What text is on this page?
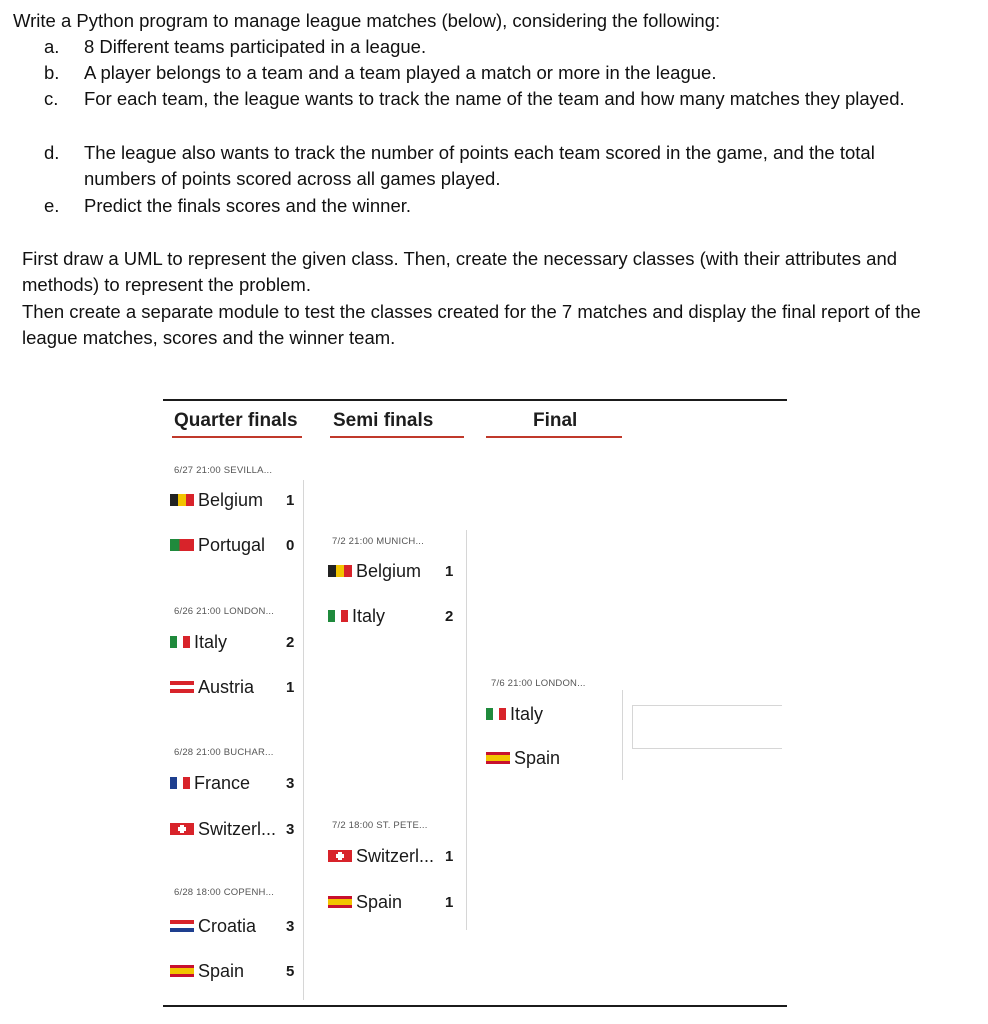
Write a Python program to manage league matches (below), considering the following:
a.	8 Different teams participated in a league.
b.	A player belongs to a team and a team played a match or more in the league.
c.	For each team, the league wants to track the name of the team and how many matches they played.
d.	The league also wants to track the number of points each team scored in the game, and the total numbers of points scored across all games played.
e.	Predict the finals scores and the winner.
First draw a UML to represent the given class. Then, create the necessary classes (with their attributes and methods) to represent the problem.
Then create a separate module to test the classes created for the 7 matches and display the final report of the league matches, scores and the winner team.
Quarter finals Semi finals	Final
6/27 21:00 SEVILLA...
Belgium 1
Portugal 0
6/26 21:00 LONDON...
Italy	2
Austria 1
6/28 21:00 BUCHAR...
France 3
Switzerl... 3
6/28 18:00 COPENH...
Croatia 3
Spain	5
7/2 21:00 MUNICH...
Belgium 1
Italy	2
7/2 18:00 ST. PETE...
Switzerl... 1
Spain	1
7/6 21:00 LONDON...
Italy
Spain
